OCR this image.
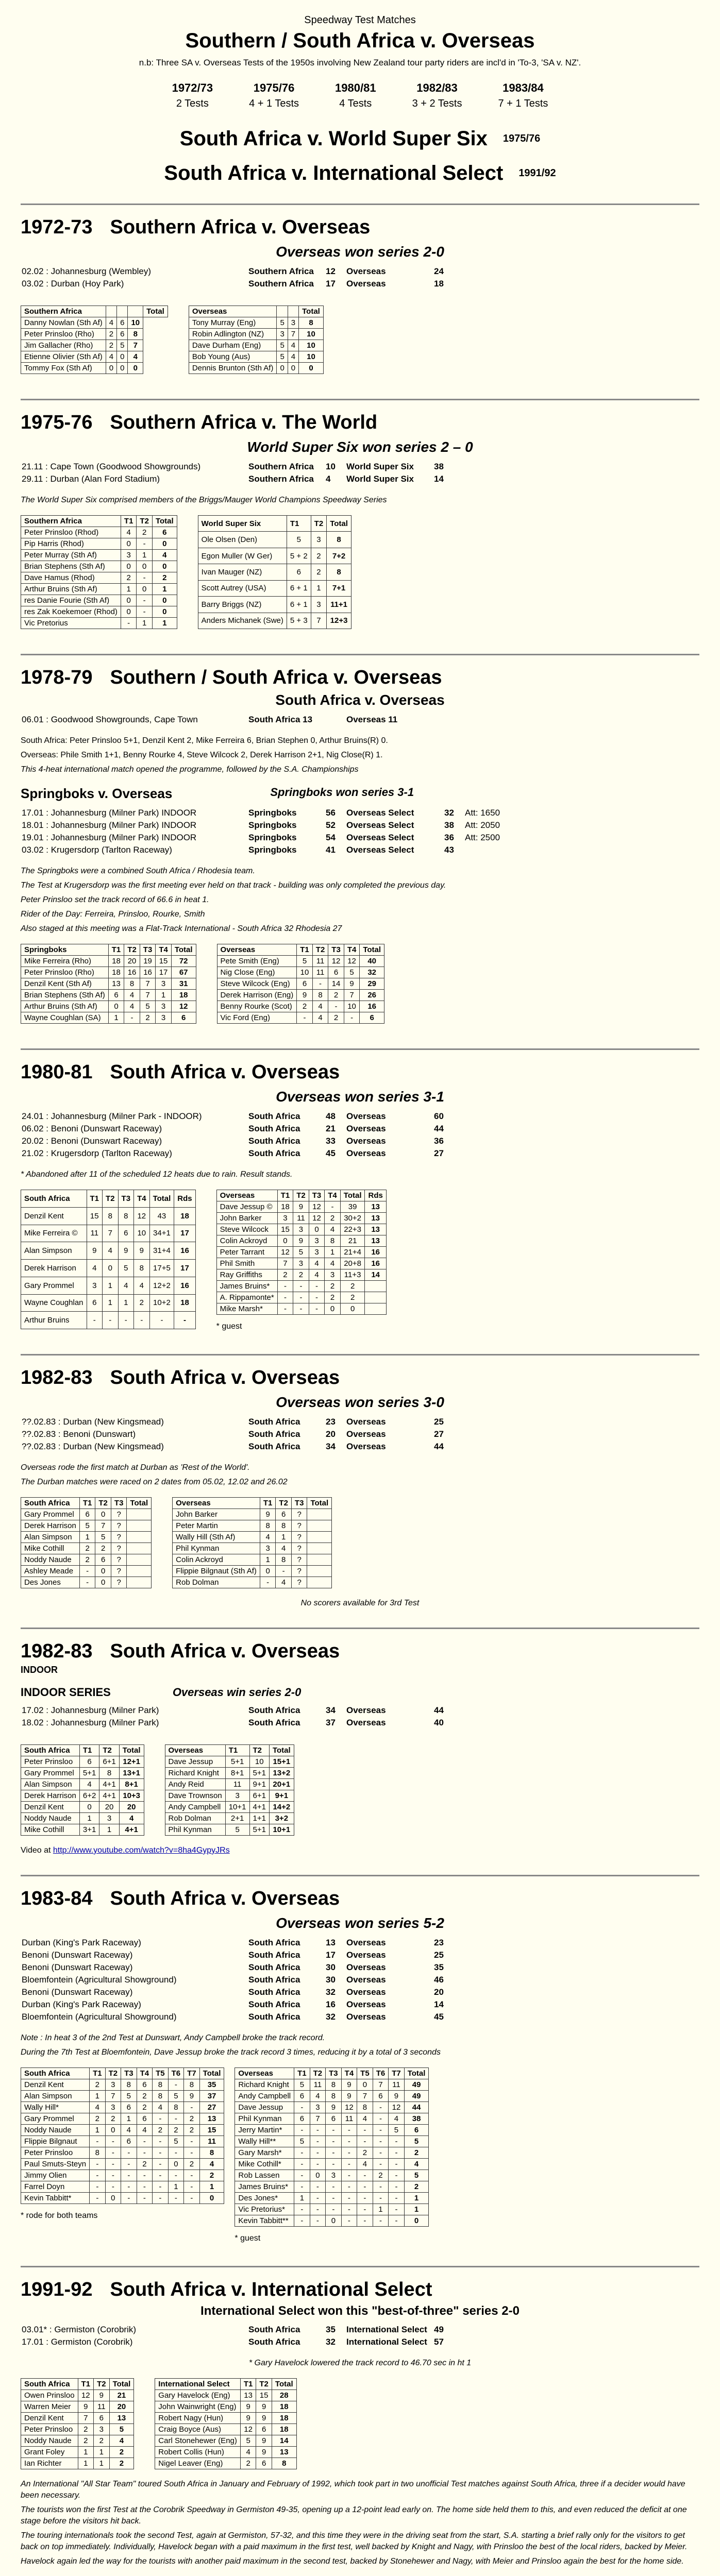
Speedway Test Matches
Southern / South Africa v. Overseas
n.b: Three SA v. Overseas Tests of the 1950s involving New Zealand tour party riders are incl'd in 'To-3, 'SA v. NZ'.
1972/73
2 Tests
1975/76
4 + 1 Tests
1980/81
4 Tests
1982/83
3 + 2 Tests
1983/84
7 + 1 Tests
South Africa v. World Super Six 1975/76
South Africa v. International Select 1991/92
1972-73 Southern Africa v. Overseas
Overseas won series 2-0
02.02 : Johannesburg (Wembley)	Southern Africa	12	Overseas	24
03.02 : Durban (Hoy Park)	Southern Africa	17	Overseas	18
Southern Africa				Total
Danny Nowlan (Sth Af)	4	6	10	
Peter Prinsloo (Rho)	2	6	8	
Jim Gallacher (Rho)	2	5	7	
Etienne Olivier (Sth Af)	4	0	4	
Tommy Fox (Sth Af)	0	0	0	
Overseas			Total
Tony Murray (Eng)	5	3	8
Robin Adlington (NZ)	3	7	10
Dave Durham (Eng)	5	4	10
Bob Young (Aus)	5	4	10
Dennis Brunton (Sth Af)	0	0	0
1975-76 Southern Africa v. The World
World Super Six won series 2 – 0
21.11 : Cape Town (Goodwood Showgrounds)	Southern Africa	10	World Super Six	38
29.11 : Durban (Alan Ford Stadium)	Southern Africa	4	World Super Six	14
The World Super Six comprised members of the Briggs/Mauger World Champions Speedway Series
Southern Africa	T1	T2	Total
Peter Prinsloo (Rhod)	4	2	6
Pip Harris (Rhod)	0	-	0
Peter Murray (Sth Af)	3	1	4
Brian Stephens (Sth Af)	0	0	0
Dave Hamus (Rhod)	2	-	2
Arthur Bruins (Sth Af)	1	0	1
res Danie Fourie (Sth Af)	0	-	0
res Zak Koekemoer (Rhod)	0	-	0
Vic Pretorius	-	1	1
World Super Six	T1	T2	Total
Ole Olsen (Den)	5	3	8
Egon Muller (W Ger)	5 + 2	2	7+2
Ivan Mauger (NZ)	6	2	8
Scott Autrey (USA)	6 + 1	1	7+1
Barry Briggs (NZ)	6 + 1	3	11+1
Anders Michanek (Swe)	5 + 3	7	12+3
1978-79 Southern / South Africa v. Overseas
South Africa v. Overseas
06.01 : Goodwood Showgrounds, Cape Town	South Africa 13	Overseas 11
South Africa: Peter Prinsloo 5+1, Denzil Kent 2, Mike Ferreira 6, Brian Stephen 0, Arthur Bruins(R) 0.
Overseas: Phile Smith 1+1, Benny Rourke 4, Steve Wilcock 2, Derek Harrison 2+1, Nig Close(R) 1.
This 4-heat international match opened the programme, followed by the S.A. Championships
Springboks v. Overseas	Springboks won series 3-1
17.01 : Johannesburg (Milner Park) INDOOR	Springboks	56	Overseas Select	32	Att: 1650
18.01 : Johannesburg (Milner Park) INDOOR	Springboks	52	Overseas Select	38	Att: 2050
19.01 : Johannesburg (Milner Park) INDOOR	Springboks	54	Overseas Select	36	Att: 2500
03.02 : Krugersdorp (Tarlton Raceway)	Springboks	41	Overseas Select	43
The Springboks were a combined South Africa / Rhodesia team.
The Test at Krugersdorp was the first meeting ever held on that track - building was only completed the previous day.
Peter Prinsloo set the track record of 66.6 in heat 1.
Rider of the Day: Ferreira, Prinsloo, Rourke, Smith
Also staged at this meeting was a Flat-Track International - South Africa 32 Rhodesia 27
Springboks	T1	T2	T3	T4	Total
Mike Ferreira (Rho)	18	20	19	15	72
Peter Prinsloo (Rho)	18	16	16	17	67
Denzil Kent (Sth Af)	13	8	7	3	31
Brian Stephens (Sth Af)	6	4	7	1	18
Arthur Bruins (Sth Af)	0	4	5	3	12
Wayne Coughlan (SA)	1	-	2	3	6
Overseas	T1	T2	T3	T4	Total
Pete Smith (Eng)	5	11	12	12	40
Nig Close (Eng)	10	11	6	5	32
Steve Wilcock (Eng)	6	-	14	9	29
Derek Harrison (Eng)	9	8	2	7	26
Benny Rourke (Scot)	2	4	-	10	16
Vic Ford (Eng)	-	4	2	-	6
1980-81 South Africa v. Overseas
Overseas won series 3-1
24.01 : Johannesburg (Milner Park - INDOOR)	South Africa	48	Overseas	60
06.02 : Benoni (Dunswart Raceway)	South Africa	21	Overseas	44
20.02 : Benoni (Dunswart Raceway)	South Africa	33	Overseas	36
21.02 : Krugersdorp (Tarlton Raceway)	South Africa	45	Overseas	27
* Abandoned after 11 of the scheduled 12 heats due to rain. Result stands.
South Africa	T1	T2	T3	T4	Total	Rds
Denzil Kent	15	8	8	12	43	18
Mike Ferreira ©	11	7	6	10	34+1	17
Alan Simpson	9	4	9	9	31+4	16
Derek Harrison	4	0	5	8	17+5	17
Gary Prommel	3	1	4	4	12+2	16
Wayne Coughlan	6	1	1	2	10+2	18
Arthur Bruins	-	-	-	-	-	-
Overseas	T1	T2	T3	T4	Total	Rds
Dave Jessup ©	18	9	12	-	39	13
John Barker	3	11	12	2	30+2	13
Steve Wilcock	15	3	0	4	22+3	13
Colin Ackroyd	0	9	3	8	21	13
Peter Tarrant	12	5	3	1	21+4	16
Phil Smith	7	3	4	4	20+8	16
Ray Griffiths	2	2	4	3	11+3	14
James Bruins*	-	-	-	2	2	
A. Rippamonte*	-	-	-	2	2	
Mike Marsh*	-	-	-	0	0	
* guest
1982-83 South Africa v. Overseas
Overseas won series 3-0
??.02.83 : Durban (New Kingsmead)	South Africa	23	Overseas	25
??.02.83 : Benoni (Dunswart)	South Africa	20	Overseas	27
??.02.83 : Durban (New Kingsmead)	South Africa	34	Overseas	44
Overseas rode the first match at Durban as 'Rest of the World'.
The Durban matches were raced on 2 dates from 05.02, 12.02 and 26.02
South Africa	T1	T2	T3	Total
Gary Prommel	6	0	?	
Derek Harrison	5	7	?	
Alan Simpson	1	5	?	
Mike Cothill	2	2	?	
Noddy Naude	2	6	?	
Ashley Meade	-	0	?	
Des Jones	-	0	?	
Overseas	T1	T2	T3	Total
John Barker	9	6	?	
Peter Martin	8	8	?	
Wally Hill (Sth Af)	4	1	?	
Phil Kynman	3	4	?	
Colin Ackroyd	1	8	?	
Flippie Bilgnaut (Sth Af)	0	-	?	
Rob Dolman	-	4	?	
No scorers available for 3rd Test
1982-83 South Africa v. Overseas
INDOOR
INDOOR SERIES	Overseas win series 2-0
17.02 : Johannesburg (Milner Park)	South Africa	34	Overseas	44
18.02 : Johannesburg (Milner Park)	South Africa	37	Overseas	40
South Africa	T1	T2	Total
Peter Prinsloo	6	6+1	12+1
Gary Prommel	5+1	8	13+1
Alan Simpson	4	4+1	8+1
Derek Harrison	6+2	4+1	10+3
Denzil Kent	0	20	20
Noddy Naude	1	3	4
Mike Cothill	3+1	1	4+1
Overseas	T1	T2	Total
Dave Jessup	5+1	10	15+1
Richard Knight	8+1	5+1	13+2
Andy Reid	11	9+1	20+1
Dave Trownson	3	6+1	9+1
Andy Campbell	10+1	4+1	14+2
Rob Dolman	2+1	1+1	3+2
Phil Kynman	5	5+1	10+1
Video at http://www.youtube.com/watch?v=8ha4GypyJRs
1983-84 South Africa v. Overseas
Overseas won series 5-2
Durban (King's Park Raceway)	South Africa	13	Overseas	23
Benoni (Dunswart Raceway)	South Africa	17	Overseas	25
Benoni (Dunswart Raceway)	South Africa	30	Overseas	35
Bloemfontein (Agricultural Showground)	South Africa	30	Overseas	46
Benoni (Dunswart Raceway)	South Africa	32	Overseas	20
Durban (King's Park Raceway)	South Africa	16	Overseas	14
Bloemfontein (Agricultural Showground)	South Africa	32	Overseas	45
Note : In heat 3 of the 2nd Test at Dunswart, Andy Campbell broke the track record.
During the 7th Test at Bloemfontein, Dave Jessup broke the track record 3 times, reducing it by a total of 3 seconds
South Africa	T1	T2	T3	T4	T5	T6	T7	Total
Denzil Kent	2	3	8	6	8	-	8	35
Alan Simpson	1	7	5	2	8	5	9	37
Wally Hill*	4	3	6	2	4	8	-	27
Gary Prommel	2	2	1	6	-	-	2	13
Noddy Naude	1	0	4	4	2	2	2	15
Flippie Bilgnaut	-	-	6	-	-	5	-	11
Peter Prinsloo	8	-	-	-	-	-	-	8
Paul Smuts-Steyn	-	-	-	2	-	0	2	4
Jimmy Olien	-	-	-	-	-	-	-	2
Farrel Doyn	-	-	-	-	-	1	-	1
Kevin Tabbitt*	-	0	-	-	-	-	-	0
* rode for both teams
Overseas	T1	T2	T3	T4	T5	T6	T7	Total
Richard Knight	5	11	8	9	0	7	11	49
Andy Campbell	6	4	8	9	7	6	9	49
Dave Jessup	-	3	9	12	8	-	12	44
Phil Kynman	6	7	6	11	4	-	4	38
Jerry Martin*	-	-	-	-	-	-	5	6
Wally Hill**	5	-	-	-	-	-	-	5
Gary Marsh*	-	-	-	-	2	-	-	2
Mike Cothill*	-	-	-	-	4	-	-	4
Rob Lassen	-	0	3	-	-	2	-	5
James Bruins*	-	-	-	-	-	-	-	2
Des Jones*	1	-	-	-	-	-	-	1
Vic Pretorius*	-	-	-	-	-	1	-	1
Kevin Tabbitt**	-	-	0	-	-	-	-	0
* guest
1991-92 South Africa v. International Select
International Select won this "best-of-three" series 2-0
03.01* : Germiston (Corobrik)	South Africa	35	International Select 49
17.01 : Germiston (Corobrik)	South Africa	32	International Select 57
* Gary Havelock lowered the track record to 46.70 sec in ht 1
South Africa	T1	T2	Total
Owen Prinsloo	12	9	21
Warren Meier	9	11	20
Denzil Kent	7	6	13
Peter Prinsloo	2	3	5
Noddy Naude	2	2	4
Grant Foley	1	1	2
Ian Richter	1	1	2
International Select	T1	T2	Total
Gary Havelock (Eng)	13	15	28
John Wainwright (Eng)	9	9	18
Robert Nagy (Hun)	9	9	18
Craig Boyce (Aus)	12	6	18
Carl Stonehewer (Eng)	5	9	14
Robert Collis (Hun)	4	9	13
Nigel Leaver (Eng)	2	6	8
An International "All Star Team" toured South Africa in January and February of 1992, which took part in two unofficial Test matches against South Africa, three if a decider would have been necessary.
The tourists won the first Test at the Corobrik Speedway in Germiston 49-35, opening up a 12-point lead early on. The home side held them to this, and even reduced the deficit at one stage before the visitors hit back.
The touring internationals took the second Test, again at Germiston, 57-32, and this time they were in the driving seat from the start, S.A. starting a brief rally only for the visitors to get back on top immediately. Individually, Havelock began with a paid maximum in the first test, well backed by Knight and Nagy, with Prinsloo the best of the local riders, backed by Meier.
Havelock again led the way for the tourists with another paid maximum in the second test, backed by Stonehewer and Nagy, with Meier and Prinsloo again the best for the home side.
